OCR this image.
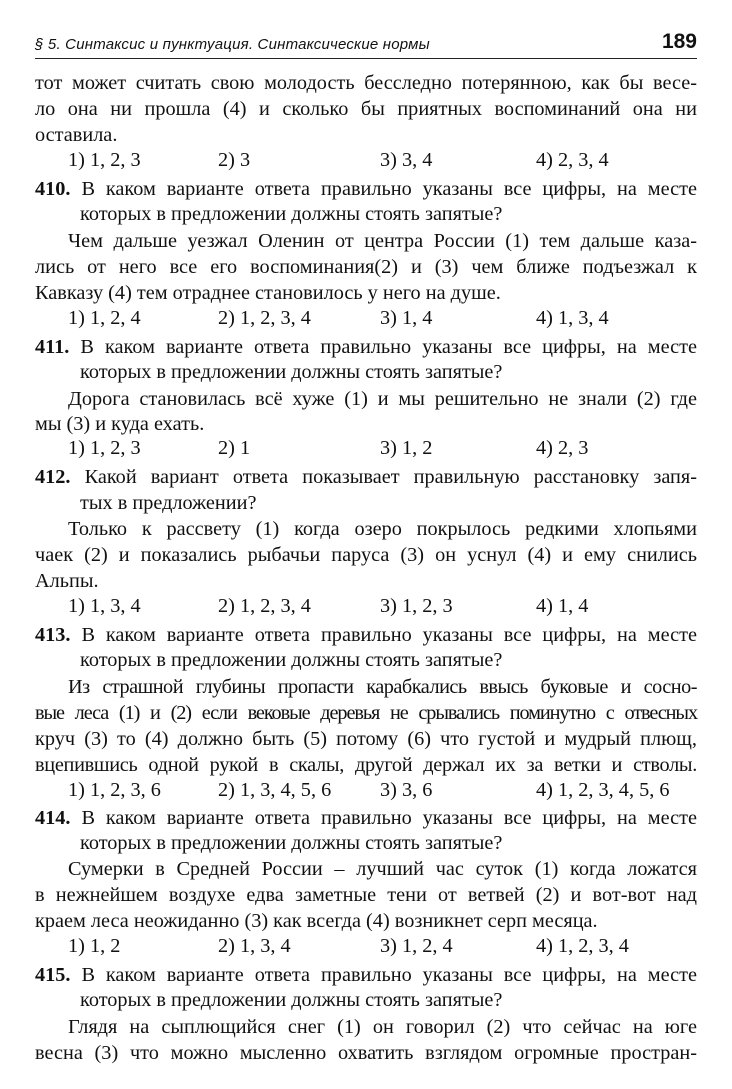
§ 5. Синтаксис и пунктуация. Синтаксические нормы	189
тот может считать свою молодость бесследно потерянною, как бы весе-
ло она ни прошла (4) и сколько бы приятных воспоминаний она ни
оставила.
1) 1, 2, 3	2) 3	3) 3, 4	4) 2, 3, 4
410. В каком варианте ответа правильно указаны все цифры, на месте
которых в предложении должны стоять запятые?
Чем дальше уезжал Оленин от центра России (1) тем дальше каза-
лись от него все его воспоминания(2) и (3) чем ближе подъезжал к
Кавказу (4) тем отраднее становилось у него на душе.
1) 1, 2, 4	2) 1, 2, 3, 4	3) 1, 4	4) 1, 3, 4
411. В каком варианте ответа правильно указаны все цифры, на месте
которых в предложении должны стоять запятые?
Дорога становилась всё хуже (1) и мы решительно не знали (2) где
мы (3) и куда ехать.
1) 1, 2, 3	2) 1	3) 1, 2	4) 2, 3
412. Какой вариант ответа показывает правильную расстановку запя-
тых в предложении?
Только к рассвету (1) когда озеро покрылось редкими хлопьями
чаек (2) и показались рыбачьи паруса (3) он уснул (4) и ему снились
Альпы.
1) 1, 3, 4	2) 1, 2, 3, 4	3) 1, 2, 3	4) 1, 4
413. В каком варианте ответа правильно указаны все цифры, на месте
которых в предложении должны стоять запятые?
Из страшной глубины пропасти карабкались ввысь буковые и сосно-
вые леса (1) и (2) если вековые деревья не срывались поминутно с отвесных
круч (3) то (4) должно быть (5) потому (6) что густой и мудрый плющ,
вцепившись одной рукой в скалы, другой держал их за ветки и стволы.
1) 1, 2, 3, 6	2) 1, 3, 4, 5, 6 3) 3, 6	4) 1, 2, 3, 4, 5, 6
414. В каком варианте ответа правильно указаны все цифры, на месте
которых в предложении должны стоять запятые?
Сумерки в Средней России – лучший час суток (1) когда ложатся
в нежнейшем воздухе едва заметные тени от ветвей (2) и вот-вот над
краем леса неожиданно (3) как всегда (4) возникнет серп месяца.
1) 1, 2	2) 1, 3, 4	3) 1, 2, 4	4) 1, 2, 3, 4
415. В каком варианте ответа правильно указаны все цифры, на месте
которых в предложении должны стоять запятые?
Глядя на сыплющийся снег (1) он говорил (2) что сейчас на юге
весна (3) что можно мысленно охватить взглядом огромные простран-
